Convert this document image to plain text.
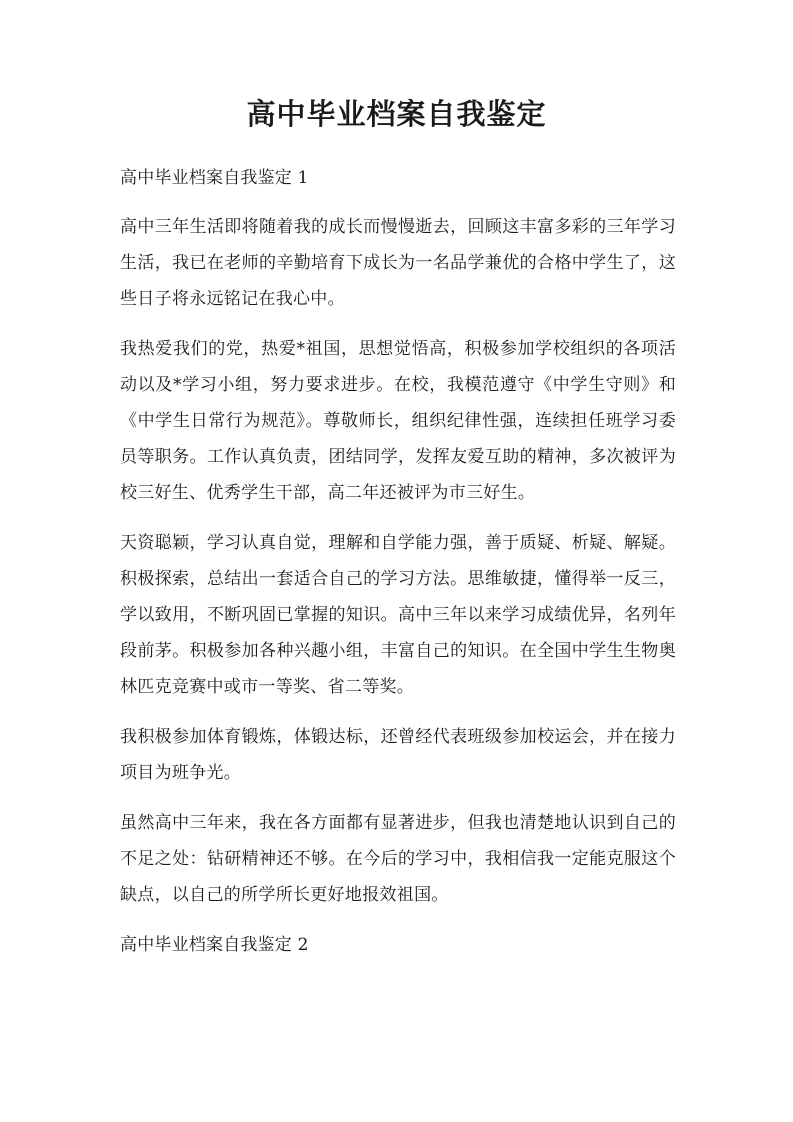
高中毕业档案自我鉴定

高中毕业档案自我鉴定 1

高中三年生活即将随着我的成长而慢慢逝去，回顾这丰富多彩的三年学习生活，我已在老师的辛勤培育下成长为一名品学兼优的合格中学生了，这些日子将永远铭记在我心中。

我热爱我们的党，热爱*祖国，思想觉悟高，积极参加学校组织的各项活动以及*学习小组，努力要求进步。在校，我模范遵守《中学生守则》和《中学生日常行为规范》。尊敬师长，组织纪律性强，连续担任班学习委员等职务。工作认真负责，团结同学，发挥友爱互助的精神，多次被评为校三好生、优秀学生干部，高二年还被评为市三好生。

天资聪颖，学习认真自觉，理解和自学能力强，善于质疑、析疑、解疑。积极探索，总结出一套适合自己的学习方法。思维敏捷，懂得举一反三，学以致用，不断巩固已掌握的知识。高中三年以来学习成绩优异，名列年段前茅。积极参加各种兴趣小组，丰富自己的知识。在全国中学生生物奥林匹克竞赛中或市一等奖、省二等奖。

我积极参加体育锻炼，体锻达标，还曾经代表班级参加校运会，并在接力项目为班争光。

虽然高中三年来，我在各方面都有显著进步，但我也清楚地认识到自己的不足之处：钻研精神还不够。在今后的学习中，我相信我一定能克服这个缺点，以自己的所学所长更好地报效祖国。

高中毕业档案自我鉴定 2
